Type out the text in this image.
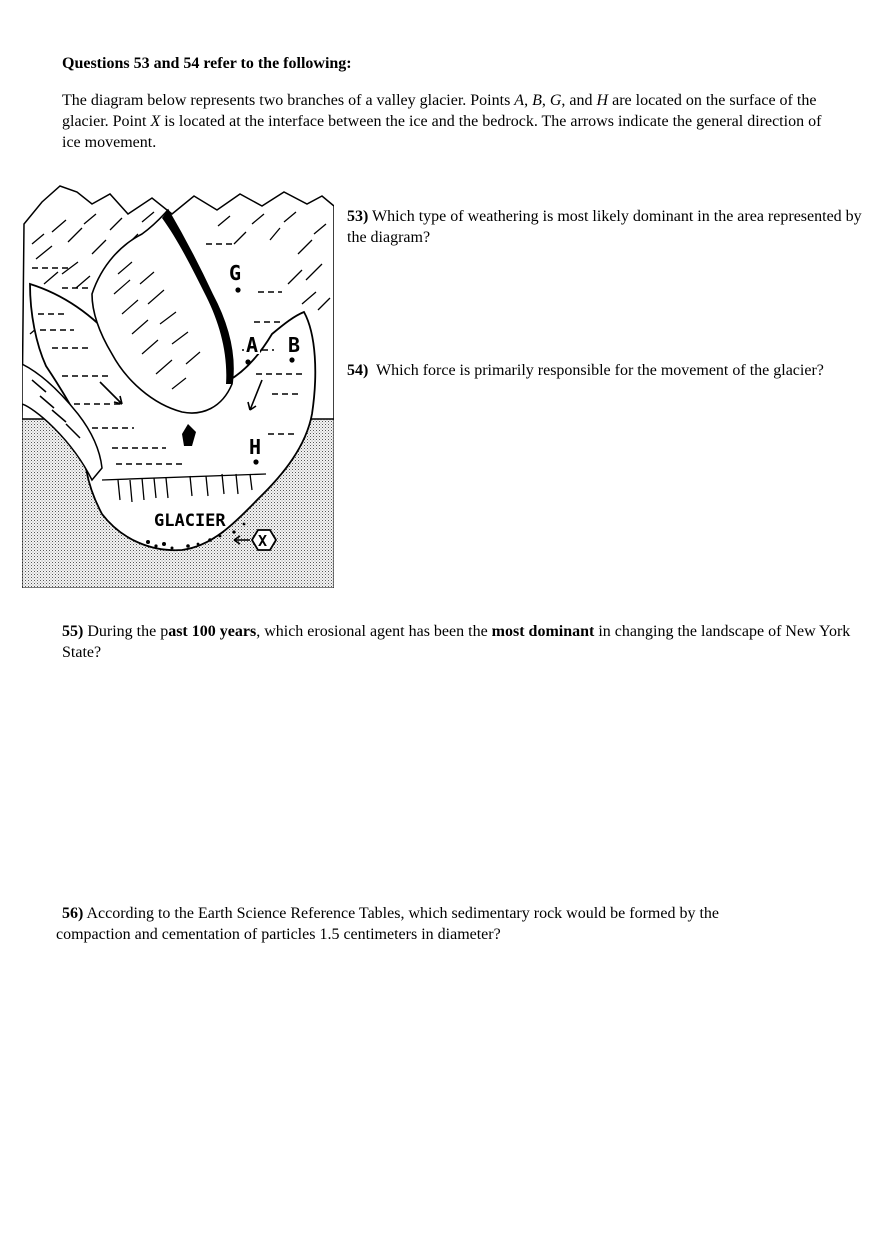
Questions 53 and 54 refer to the following:
The diagram below represents two branches of a valley glacier. Points A, B, G, and H are located on the surface of the
glacier. Point X is located at the interface between the ice and the bedrock. The arrows indicate the general direction of
ice movement.
G
A B
H
GLACIER
X
53) Which type of weathering is most likely dominant in the area represented by the diagram?
54)  Which force is primarily responsible for the movement of the glacier?
55) During the past 100 years, which erosional agent has been the most dominant in changing the landscape of New York State?
56) According to the Earth Science Reference Tables, which sedimentary rock would be formed by the
compaction and cementation of particles 1.5 centimeters in diameter?
